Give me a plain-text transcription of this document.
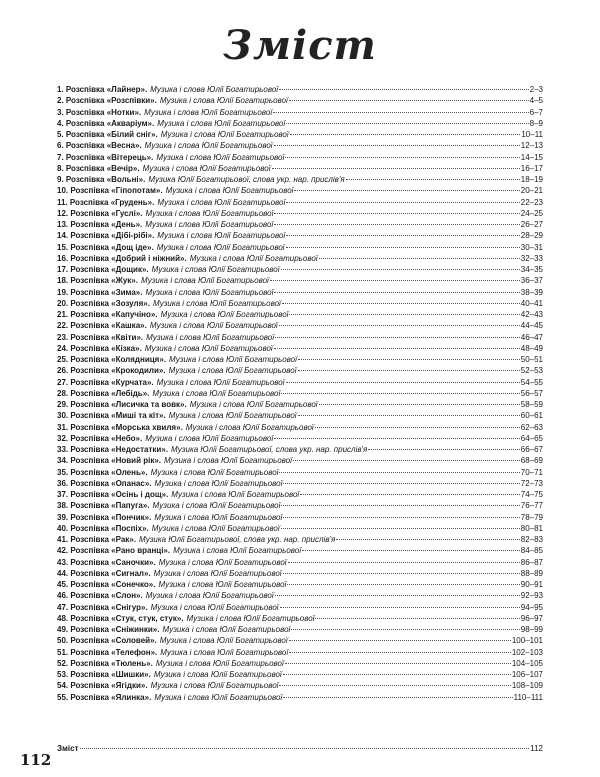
Зміст
1. Розспівка «Лайнер» . Музика і слова Юлії Богатирьової	2–3
2. Розспівка «Розспівки» . Музика і слова Юлії Богатирьової	4–5
3. Розспівка «Нотки» . Музика і слова Юлії Богатирьової	6–7
4. Розспівка «Акваріум» . Музика і слова Юлії Богатирьової	8–9
5. Розспівка «Білий сніг» . Музика і слова Юлії Богатирьової	10–11
6. Розспівка «Весна» . Музика і слова Юлії Богатирьової	12–13
7. Розспівка «Вітерець» . Музика і слова Юлії Богатирьової	14–15
8. Розспівка «Вечір» . Музика і слова Юлії Богатирьової	16–17
9. Розспівка «Вольні» . Музика Юлії Богатирьової, слова укр. нар. прислів'я	18–19
10. Розспівка «Гіпопотам» . Музика і слова Юлії Богатирьової	20–21
11. Розспівка «Грудень» . Музика і слова Юлії Богатирьової	22–23
12. Розспівка «Гуслі» . Музика і слова Юлії Богатирьової	24–25
13. Розспівка «День» . Музика і слова Юлії Богатирьової	26–27
14. Розспівка «Дібі-рібі» . Музика і слова Юлії Богатирьової	28–29
15. Розспівка «Дощ іде» . Музика і слова Юлії Богатирьової	30–31
16. Розспівка «Добрий і ніжний» . Музика і слова Юлії Богатирьової	32–33
17. Розспівка «Дощик» . Музика і слова Юлії Богатирьової	34–35
18. Розспівка «Жук» . Музика і слова Юлії Богатирьової	36–37
19. Розспівка «Зима» . Музика і слова Юлії Богатирьової	38–39
20. Розспівка «Зозуля» . Музика і слова Юлії Богатирьової	40–41
21. Розспівка «Капучіно» . Музика і слова Юлії Богатирьової	42–43
22. Розспівка «Кашка» . Музика і слова Юлії Богатирьової	44–45
23. Розспівка «Квіти» . Музика і слова Юлії Богатирьової	46–47
24. Розспівка «Кізка» . Музика і слова Юлії Богатирьової	48–49
25. Розспівка «Колядниця» . Музика і слова Юлії Богатирьової	50–51
26. Розспівка «Крокодили» . Музика і слова Юлії Богатирьової	52–53
27. Розспівка «Курчата» . Музика і слова Юлії Богатирьової	54–55
28. Розспівка «Лебідь» . Музика і слова Юлії Богатирьової	56–57
29. Розспівка «Лисичка та вовк» . Музика і слова Юлії Богатирьової	58–59
30. Розспівка «Миші та кіт» . Музика і слова Юлії Богатирьової	60–61
31. Розспівка «Морська хвиля» . Музика і слова Юлії Богатирьової	62–63
32. Розспівка «Небо» . Музика і слова Юлії Богатирьової	64–65
33. Розспівка «Недостатки» . Музика Юлії Богатирьової, слова укр. нар. прислів'я	66–67
34. Розспівка «Новий рік» . Музика і слова Юлії Богатирьової	68–69
35. Розспівка «Олень» . Музика і слова Юлії Богатирьової	70–71
36. Розспівка «Опанас» . Музика і слова Юлії Богатирьової	72–73
37. Розспівка «Осінь і дощ» . Музика і слова Юлії Богатирьової	74–75
38. Розспівка «Папуга» . Музика і слова Юлії Богатирьової	76–77
39. Розспівка «Пончик» . Музика і слова Юлії Богатирьової	78–79
40. Розспівка «Поспіх» . Музика і слова Юлії Богатирьової	80–81
41. Розспівка «Рак» . Музика Юлії Богатирьової, слова укр. нар. прислів'я	82–83
42. Розспівка «Рано вранці» . Музика і слова Юлії Богатирьової	84–85
43. Розспівка «Саночки» . Музика і слова Юлії Богатирьової	86–87
44. Розспівка «Сигнал» . Музика і слова Юлії Богатирьової	88–89
45. Розспівка «Сонечко» . Музика і слова Юлії Богатирьової	90–91
46. Розспівка «Слон» . Музика і слова Юлії Богатирьової	92–93
47. Розспівка «Снігур» . Музика і слова Юлії Богатирьової	94–95
48. Розспівка «Стук, стук, стук» . Музика і слова Юлії Богатирьової	96–97
49. Розспівка «Сніжинки» . Музика і слова Юлії Богатирьової	98–99
50. Розспівка «Соловей» . Музика і слова Юлії Богатирьової	100–101
51. Розспівка «Телефон» . Музика і слова Юлії Богатирьової	102–103
52. Розспівка «Тюлень» . Музика і слова Юлії Богатирьової	104–105
53. Розспівка «Шишки» . Музика і слова Юлії Богатирьової	106–107
54. Розспівка «Ягідки» . Музика і слова Юлії Богатирьової	108–109
55. Розспівка «Ялинка» . Музика і слова Юлії Богатирьової	110–111
Зміст	112
112
